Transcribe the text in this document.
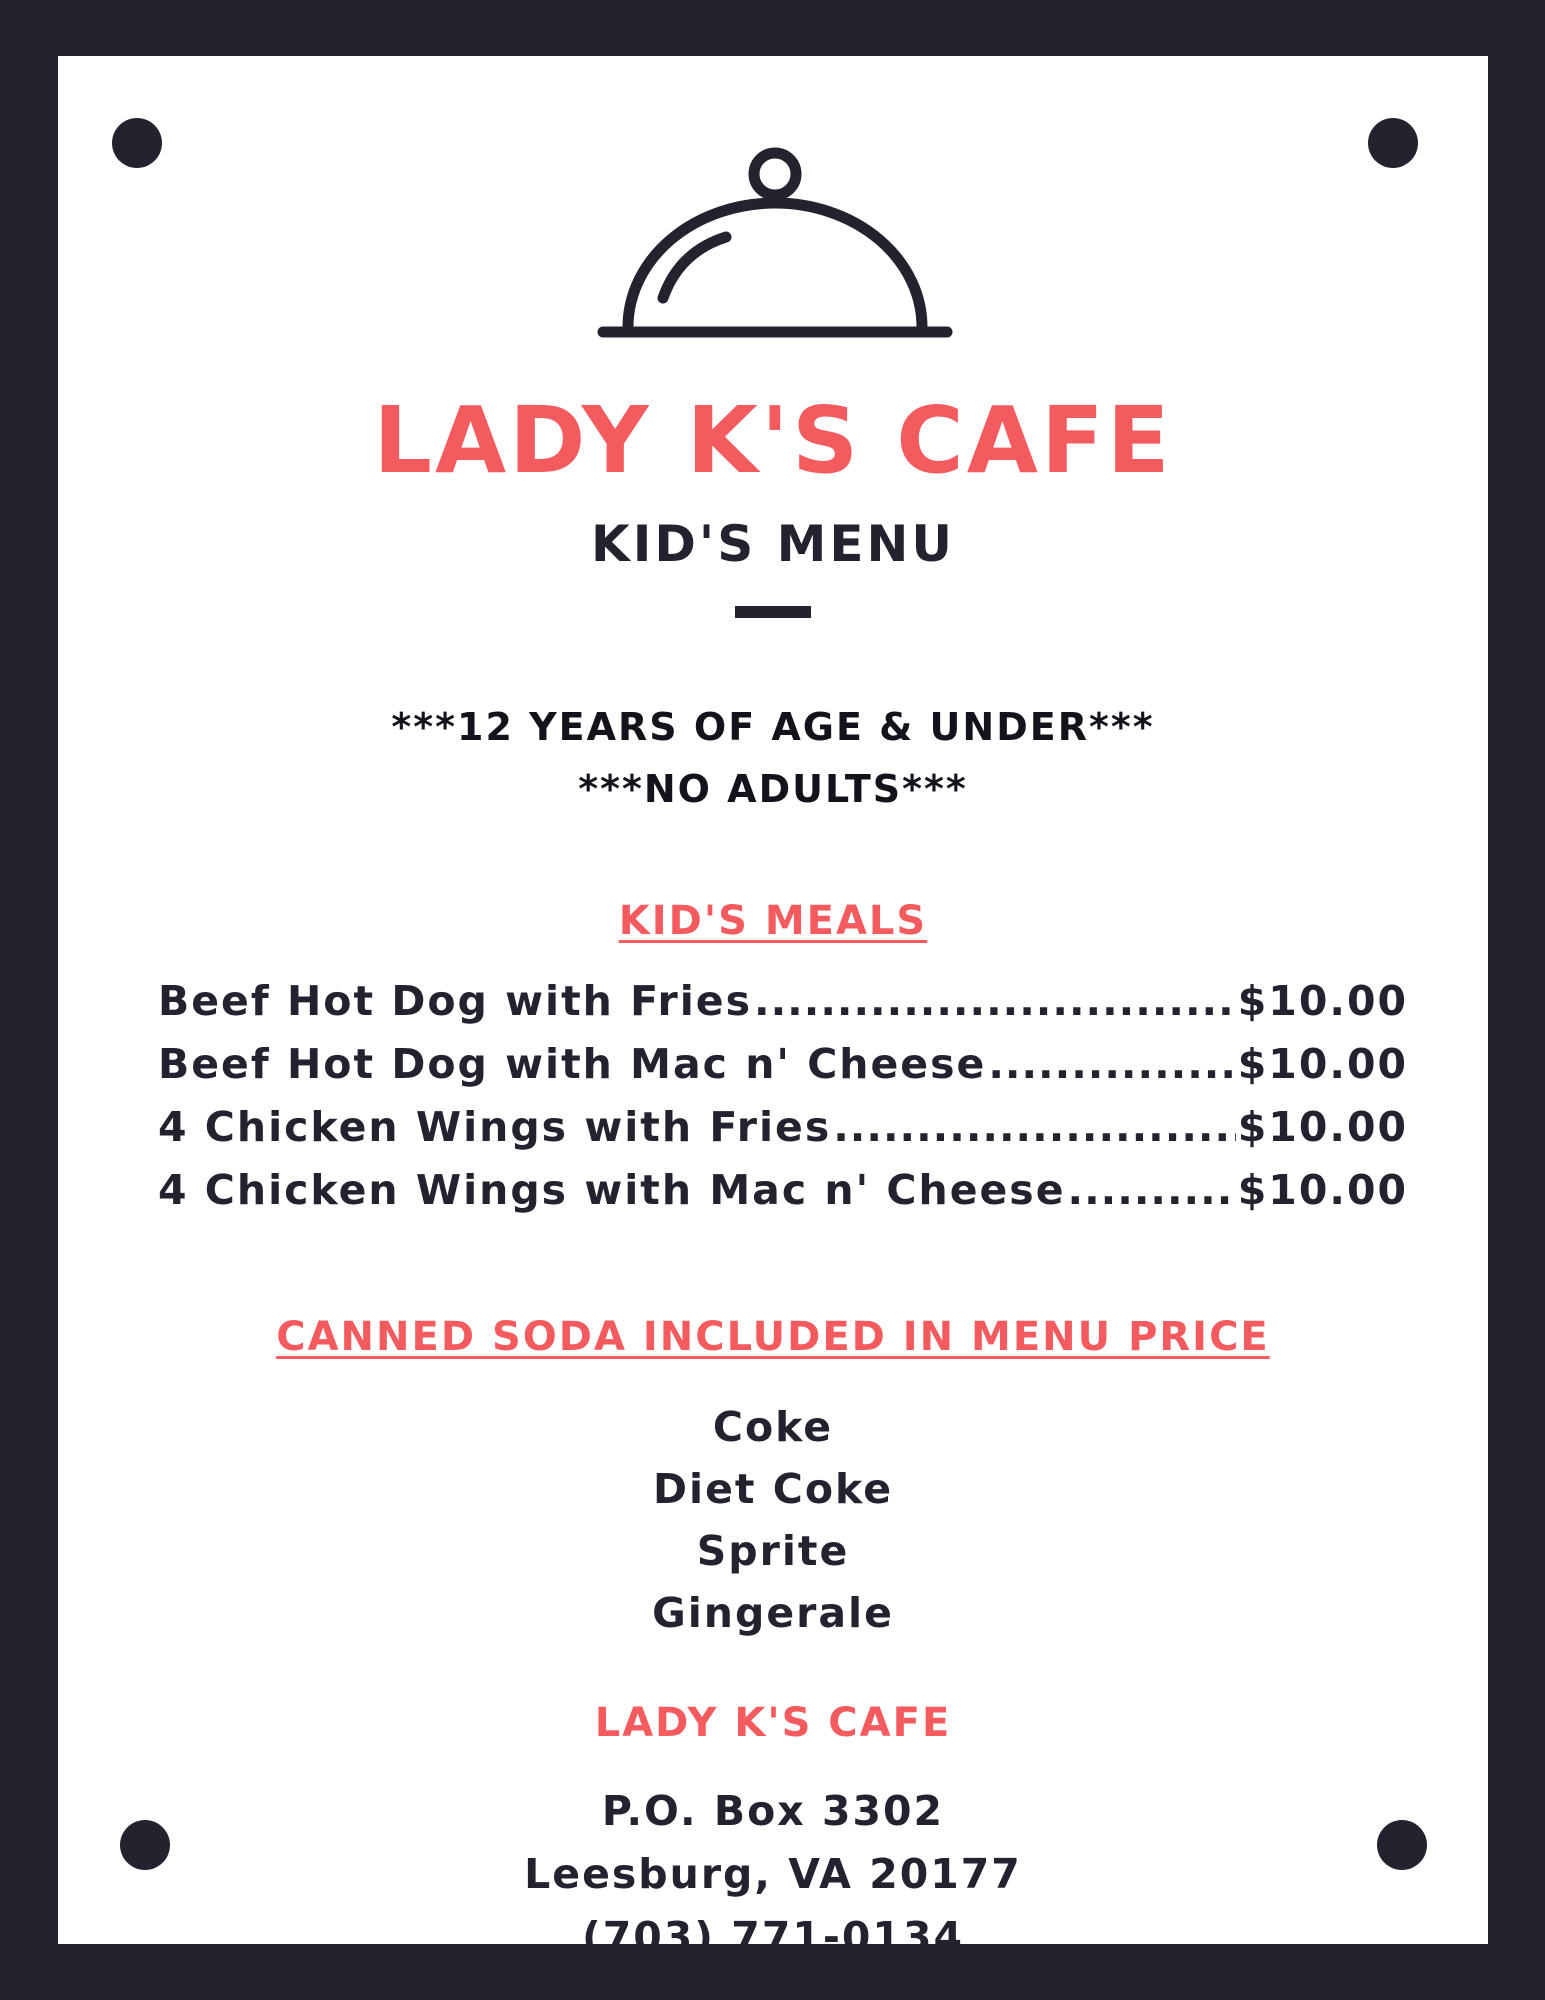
LADY K'S CAFE
KID'S MENU

***12 YEARS OF AGE & UNDER***

***NO ADULTS***

KID'S MEALS
Beef Hot Dog with Fries .....	$10.00
Beef Hot Dog with Mac n' Cheese .....	$10.00
4 Chicken Wings with Fries .....	$10.00
4 Chicken Wings with Mac n' Cheese .....	$10.00
CANNED SODA INCLUDED IN MENU PRICE
Coke
Diet Coke
Sprite
Gingerale
LADY K'S CAFE
P.O. Box 3302
Leesburg, VA 20177
(703) 771-0134
